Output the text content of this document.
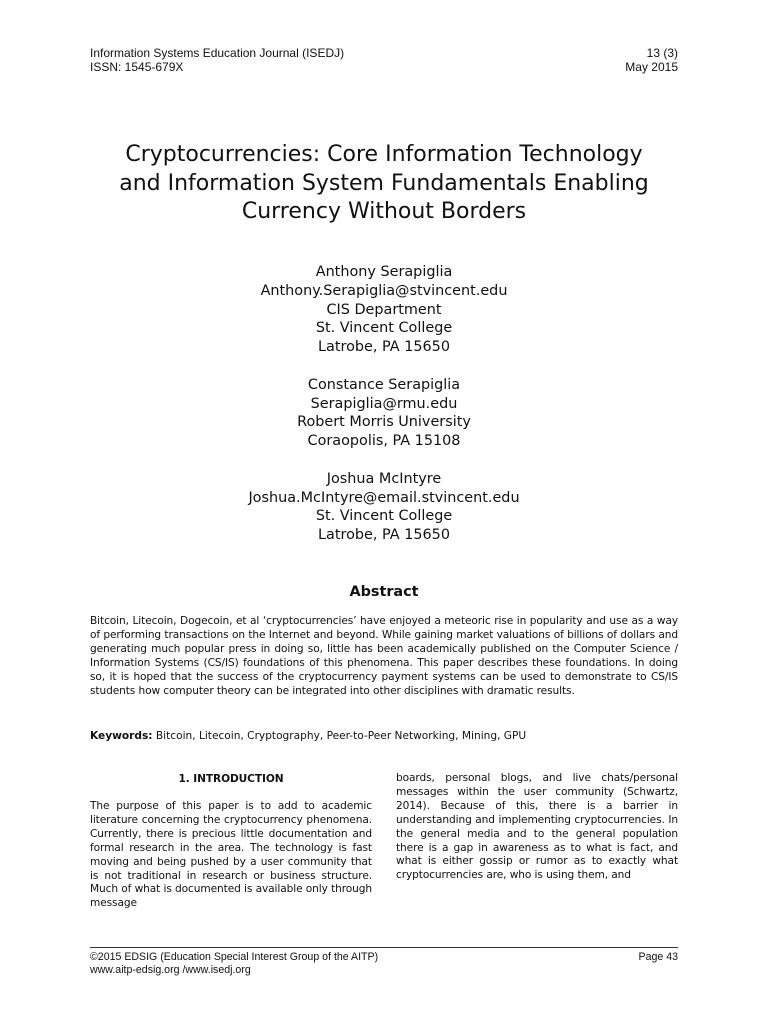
Information Systems Education Journal (ISEDJ)
ISSN: 1545-679X
13 (3)
May 2015
Cryptocurrencies: Core Information Technology
and Information System Fundamentals Enabling
Currency Without Borders
Anthony Serapiglia
Anthony.Serapiglia@stvincent.edu
CIS Department
St. Vincent College
Latrobe, PA 15650
Constance Serapiglia
Serapiglia@rmu.edu
Robert Morris University
Coraopolis, PA 15108
Joshua McIntyre
Joshua.McIntyre@email.stvincent.edu
St. Vincent College
Latrobe, PA 15650
Abstract

Bitcoin, Litecoin, Dogecoin, et al ‘cryptocurrencies’ have enjoyed a meteoric rise in popularity and use as a way of performing transactions on the Internet and beyond. While gaining market valuations of billions of dollars and generating much popular press in doing so, little has been academically published on the Computer Science / Information Systems (CS/IS) foundations of this phenomena. This paper describes these foundations. In doing so, it is hoped that the success of the cryptocurrency payment systems can be used to demonstrate to CS/IS students how computer theory can be integrated into other disciplines with dramatic results.

Keywords: Bitcoin, Litecoin, Cryptography, Peer-to-Peer Networking, Mining, GPU

1. INTRODUCTION

The purpose of this paper is to add to academic literature concerning the cryptocurrency phenomena. Currently, there is precious little documentation and formal research in the area. The technology is fast moving and being pushed by a user community that is not traditional in research or business structure. Much of what is documented is available only through message

boards, personal blogs, and live chats/personal messages within the user community (Schwartz, 2014). Because of this, there is a barrier in understanding and implementing cryptocurrencies. In the general media and to the general population there is a gap in awareness as to what is fact, and what is either gossip or rumor as to exactly what cryptocurrencies are, who is using them, and

©2015 EDSIG (Education Special Interest Group of the AITP)
www.aitp-edsig.org /www.isedj.org
Page 43
